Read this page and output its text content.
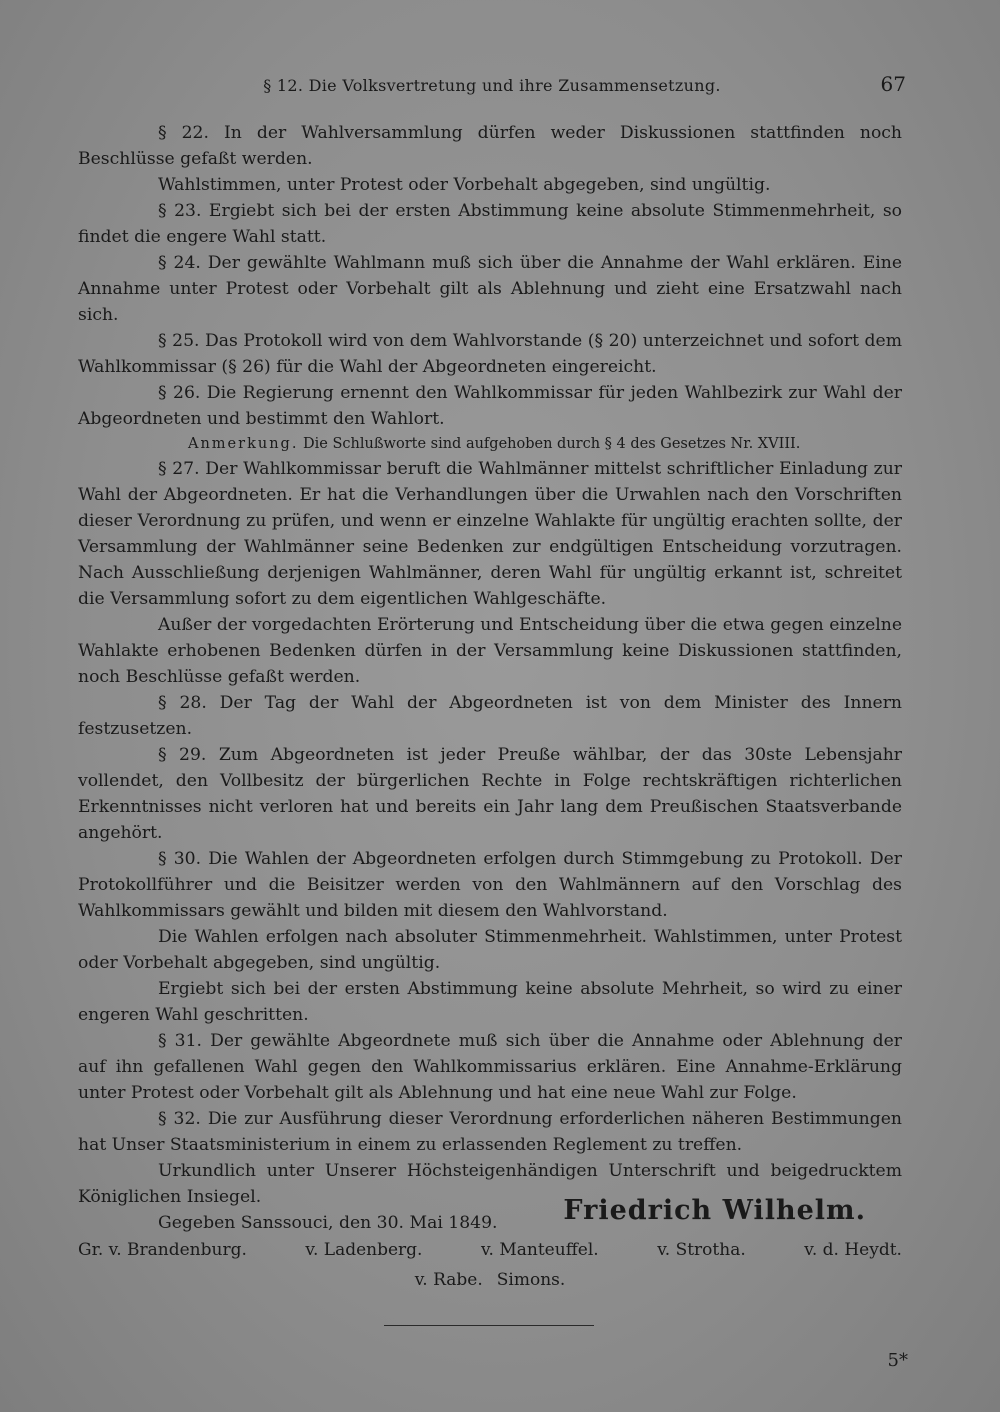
§ 12. Die Volksvertretung und ihre Zusammensetzung.	67

§ 22. In der Wahlversammlung dürfen weder Diskussionen stattfinden noch Beschlüsse gefaßt werden.

Wahlstimmen, unter Protest oder Vorbehalt abgegeben, sind ungültig.

§ 23. Ergiebt sich bei der ersten Abstimmung keine absolute Stimmenmehrheit, so findet die engere Wahl statt.

§ 24. Der gewählte Wahlmann muß sich über die Annahme der Wahl erklären. Eine Annahme unter Protest oder Vorbehalt gilt als Ablehnung und zieht eine Ersatzwahl nach sich.

§ 25. Das Protokoll wird von dem Wahlvorstande (§ 20) unterzeichnet und sofort dem Wahlkommissar (§ 26) für die Wahl der Abgeordneten eingereicht.

§ 26. Die Regierung ernennt den Wahlkommissar für jeden Wahlbezirk zur Wahl der Abgeordneten und bestimmt den Wahlort.

Anmerkung. Die Schlußworte sind aufgehoben durch § 4 des Gesetzes Nr. XVIII.

§ 27. Der Wahlkommissar beruft die Wahlmänner mittelst schriftlicher Einladung zur Wahl der Abgeordneten. Er hat die Verhandlungen über die Urwahlen nach den Vorschriften dieser Verordnung zu prüfen, und wenn er einzelne Wahlakte für ungültig erachten sollte, der Versammlung der Wahlmänner seine Bedenken zur endgültigen Entscheidung vorzutragen. Nach Ausschließung derjenigen Wahlmänner, deren Wahl für ungültig erkannt ist, schreitet die Versammlung sofort zu dem eigentlichen Wahlgeschäfte.

Außer der vorgedachten Erörterung und Entscheidung über die etwa gegen einzelne Wahlakte erhobenen Bedenken dürfen in der Versammlung keine Diskussionen stattfinden, noch Beschlüsse gefaßt werden.

§ 28. Der Tag der Wahl der Abgeordneten ist von dem Minister des Innern festzusetzen.

§ 29. Zum Abgeordneten ist jeder Preuße wählbar, der das 30ste Lebensjahr vollendet, den Vollbesitz der bürgerlichen Rechte in Folge rechtskräftigen richterlichen Erkenntnisses nicht verloren hat und bereits ein Jahr lang dem Preußischen Staatsverbande angehört.

§ 30. Die Wahlen der Abgeordneten erfolgen durch Stimmgebung zu Protokoll. Der Protokollführer und die Beisitzer werden von den Wahlmännern auf den Vorschlag des Wahlkommissars gewählt und bilden mit diesem den Wahlvorstand.

Die Wahlen erfolgen nach absoluter Stimmenmehrheit. Wahlstimmen, unter Protest oder Vorbehalt abgegeben, sind ungültig.

Ergiebt sich bei der ersten Abstimmung keine absolute Mehrheit, so wird zu einer engeren Wahl geschritten.

§ 31. Der gewählte Abgeordnete muß sich über die Annahme oder Ablehnung der auf ihn gefallenen Wahl gegen den Wahlkommissarius erklären. Eine Annahme-Erklärung unter Protest oder Vorbehalt gilt als Ablehnung und hat eine neue Wahl zur Folge.

§ 32. Die zur Ausführung dieser Verordnung erforderlichen näheren Bestimmungen hat Unser Staatsministerium in einem zu erlassenden Reglement zu treffen.

Urkundlich unter Unserer Höchsteigenhändigen Unterschrift und beigedrucktem Königlichen Insiegel.

Gegeben Sanssouci, den 30. Mai 1849.	Friedrich Wilhelm.

Gr. v. Brandenburg.	v. Ladenberg.	v. Manteuffel.	v. Strotha.	v. d. Heydt.
v. Rabe. Simons.
5*
